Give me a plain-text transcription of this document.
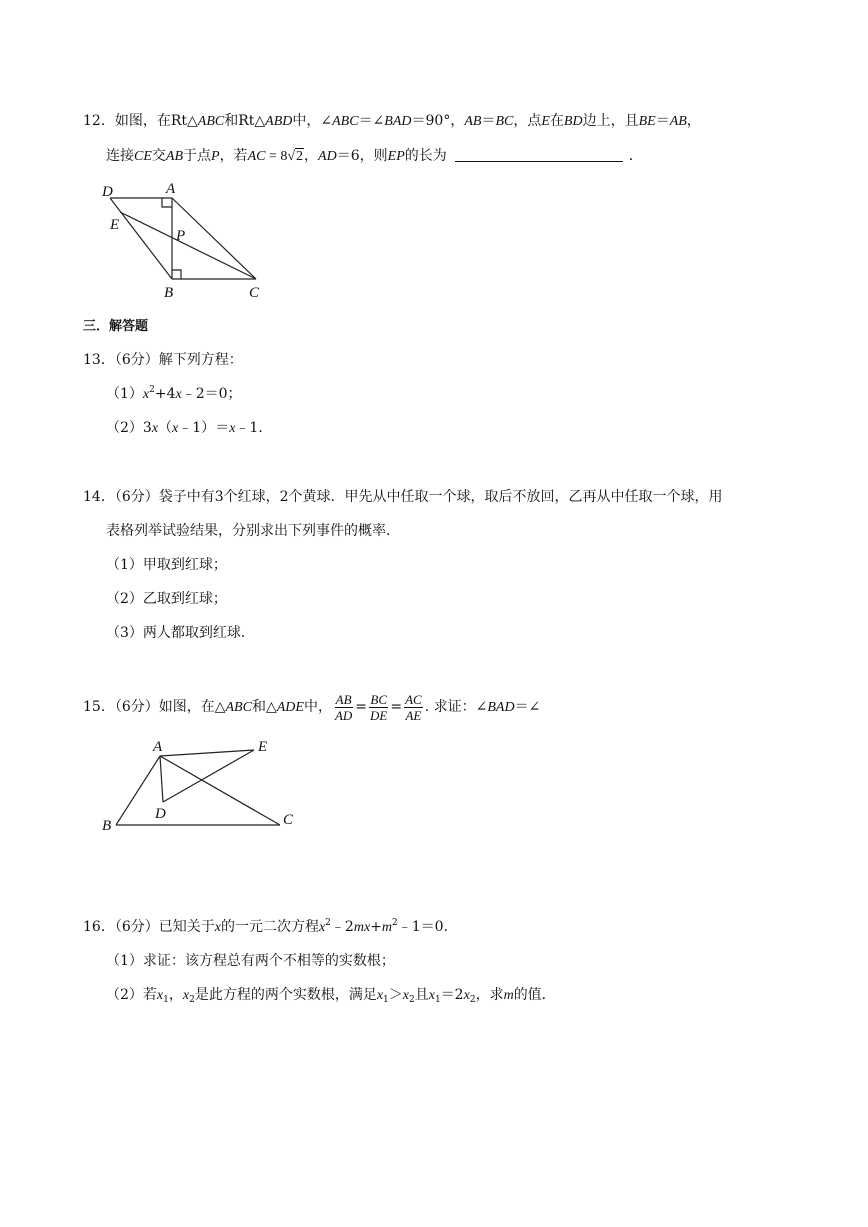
12．如图，在Rt△ABC和Rt△ABD中，∠ABC＝∠BAD＝90°，AB＝BC，点E在BD边上，且BE＝AB，
连接CE交AB于点P，若AC = 8√2，AD＝6，则EP的长为	．
D	A
E
P
B	C
三．解答题
13．（6分）解下列方程：
$(1)x^2+4x﹣2=0$；
（2）3x（x﹣1）＝x﹣1．
14．（6分）袋子中有3个红球，2个黄球．甲先从中任取一个球，取后不放回，乙再从中任取一个球，用
表格列举试验结果，分别求出下列事件的概率．
（1）甲取到红球；
（2）乙取到红球；
（3）两人都取到红球．
15．（6分）如图，在△ABC和△ADE中， $\frac{AB}{AD} = \frac{BC}{DE} = \frac{AC}{AE}$ . 求证：∠BAD＝∠
A	E
D
B	C
16．（6分）已知关于x的一元二次方程$x^2﹣2mx+m^2﹣1=0$．
（1）求证：该方程总有两个不相等的实数根；
（2）若$x_1$，$x_2$是此方程的两个实数根，满足$x_1>x_2$且$x_1=2x_2$，求m的值．
